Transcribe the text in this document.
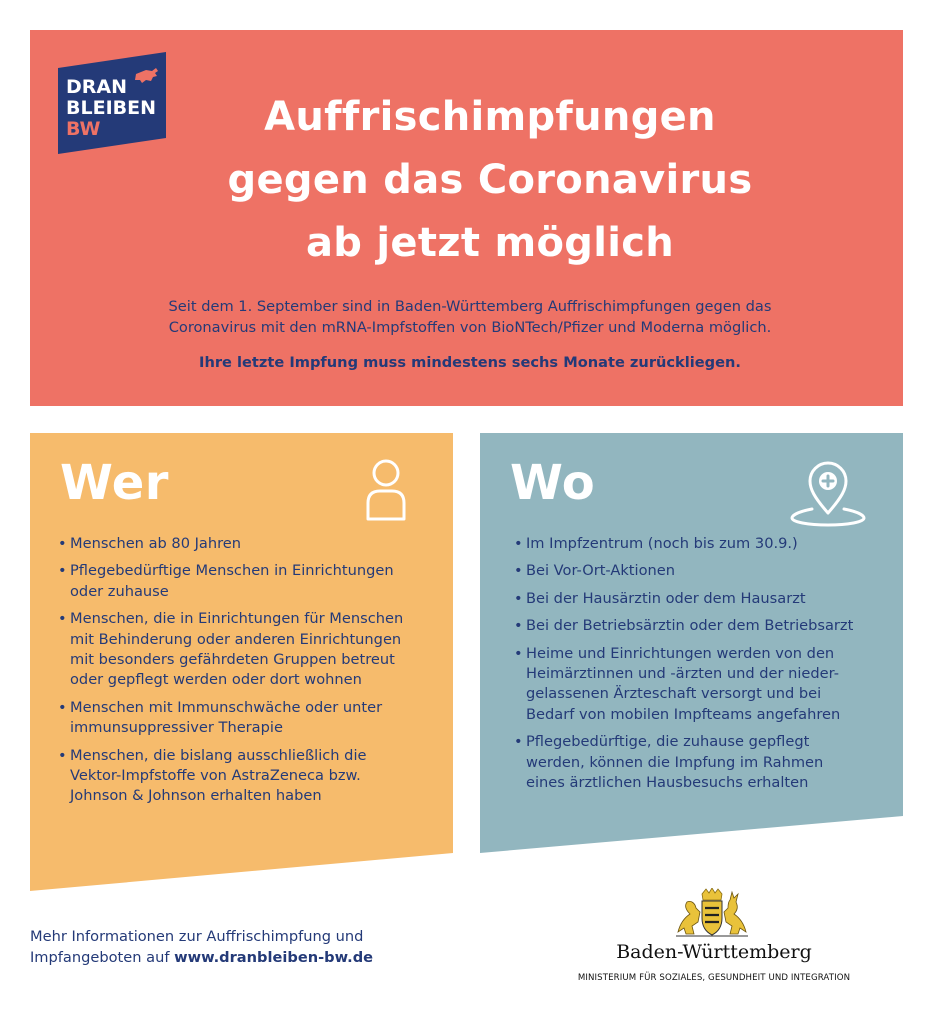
DRAN
BLEIBEN
BW	Auffrischimpfungen
gegen das Coronavirus
ab jetzt möglich

Seit dem 1. September sind in Baden-Württemberg Auffrischimpfungen gegen das
Coronavirus mit den mRNA-Impfstoffen von BioNTech/Pfizer und Moderna möglich.

Ihre letzte Impfung muss mindestens sechs Monate zurückliegen.

Wer
• Menschen ab 80 Jahren
• Pflegebedürftige Menschen in Einrichtungen
oder zuhause
• Menschen, die in Einrichtungen für Menschen
mit Behinderung oder anderen Einrichtungen
mit besonders gefährdeten Gruppen betreut
oder gepflegt werden oder dort wohnen
• Menschen mit Immunschwäche oder unter
immunsuppressiver Therapie
• Menschen, die bislang ausschließlich die
Vektor-Impfstoffe von AstraZeneca bzw.
Johnson & Johnson erhalten haben
Wo
• Im Impfzentrum (noch bis zum 30.9.)
• Bei Vor-Ort-Aktionen
• Bei der Hausärztin oder dem Hausarzt
• Bei der Betriebsärztin oder dem Betriebsarzt
• Heime und Einrichtungen werden von den
Heimärztinnen und -ärzten und der nieder-
gelassenen Ärzteschaft versorgt und bei
Bedarf von mobilen Impfteams angefahren
• Pflegebedürftige, die zuhause gepflegt
werden, können die Impfung im Rahmen
eines ärztlichen Hausbesuchs erhalten
Mehr Informationen zur Auffrischimpfung und
Impfangeboten auf www.dranbleiben-bw.de	Baden-Württemberg
MINISTERIUM FÜR SOZIALES, GESUNDHEIT UND INTEGRATION
